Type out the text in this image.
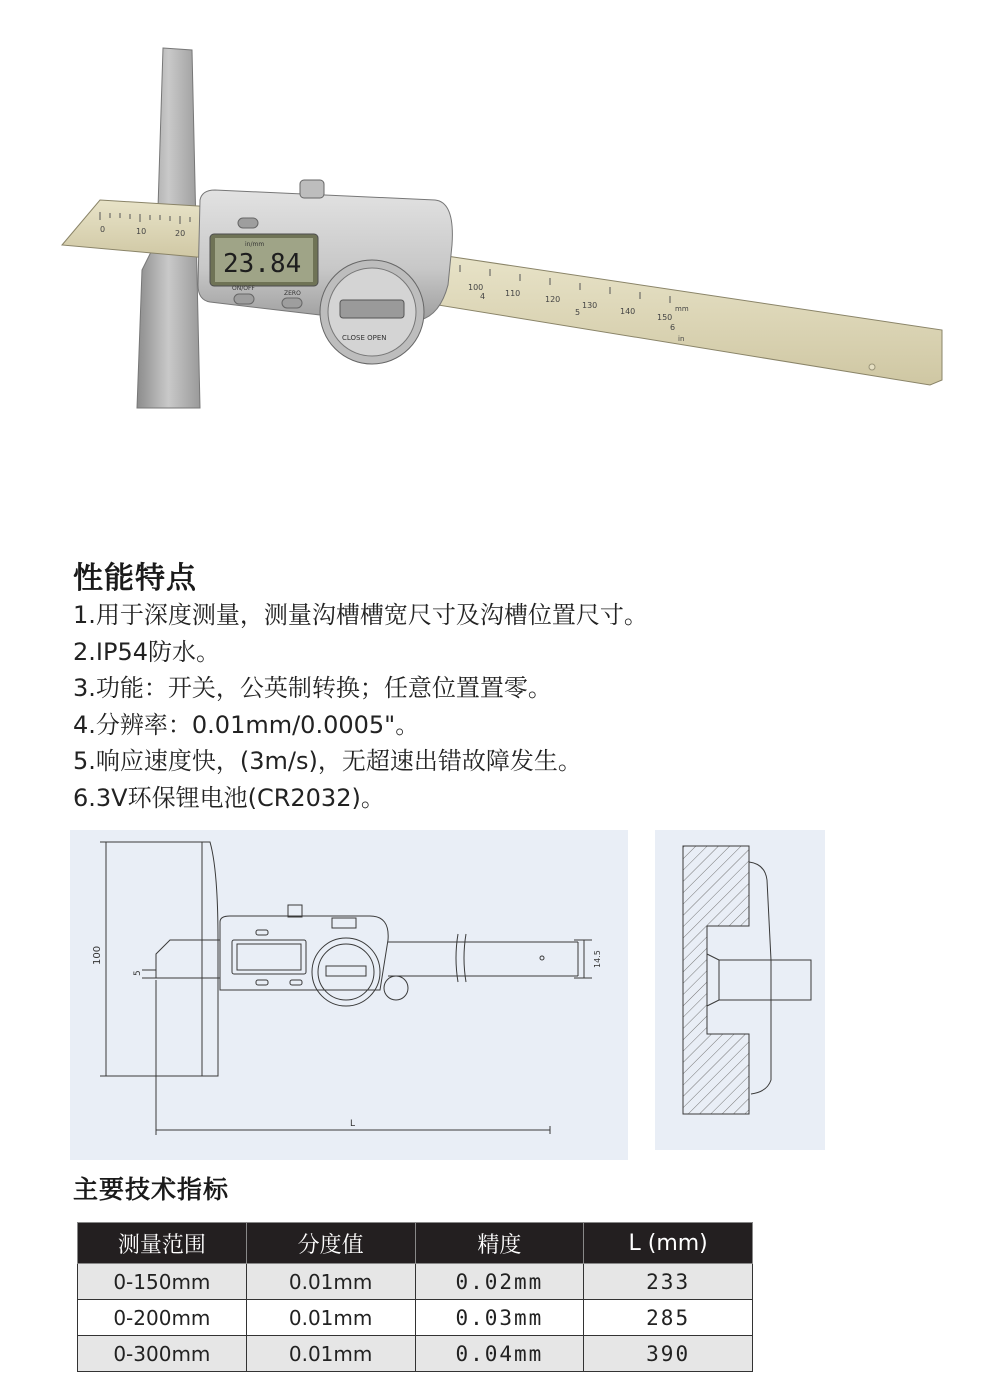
0	10	20
100
110
120
130
140
150
4
5
6
mm
in
23.84
in/mm
ON/OFF
ZERO
CLOSE OPEN
性能特点
1.用于深度测量，测量沟槽槽宽尺寸及沟槽位置尺寸。
2.IP54防水。
3.功能：开关，公英制转换；任意位置置零。
4.分辨率：0.01mm/0.0005"。
5.响应速度快，(3m/s)，无超速出错故障发生。
6.3V环保锂电池(CR2032)。
100
5
14.5
L
主要技术指标
测量范围	分度值	精度	L (mm)
0-150mm	0.01mm	0.02mm	233
0-200mm	0.01mm	0.03mm	285
0-300mm	0.01mm	0.04mm	390
